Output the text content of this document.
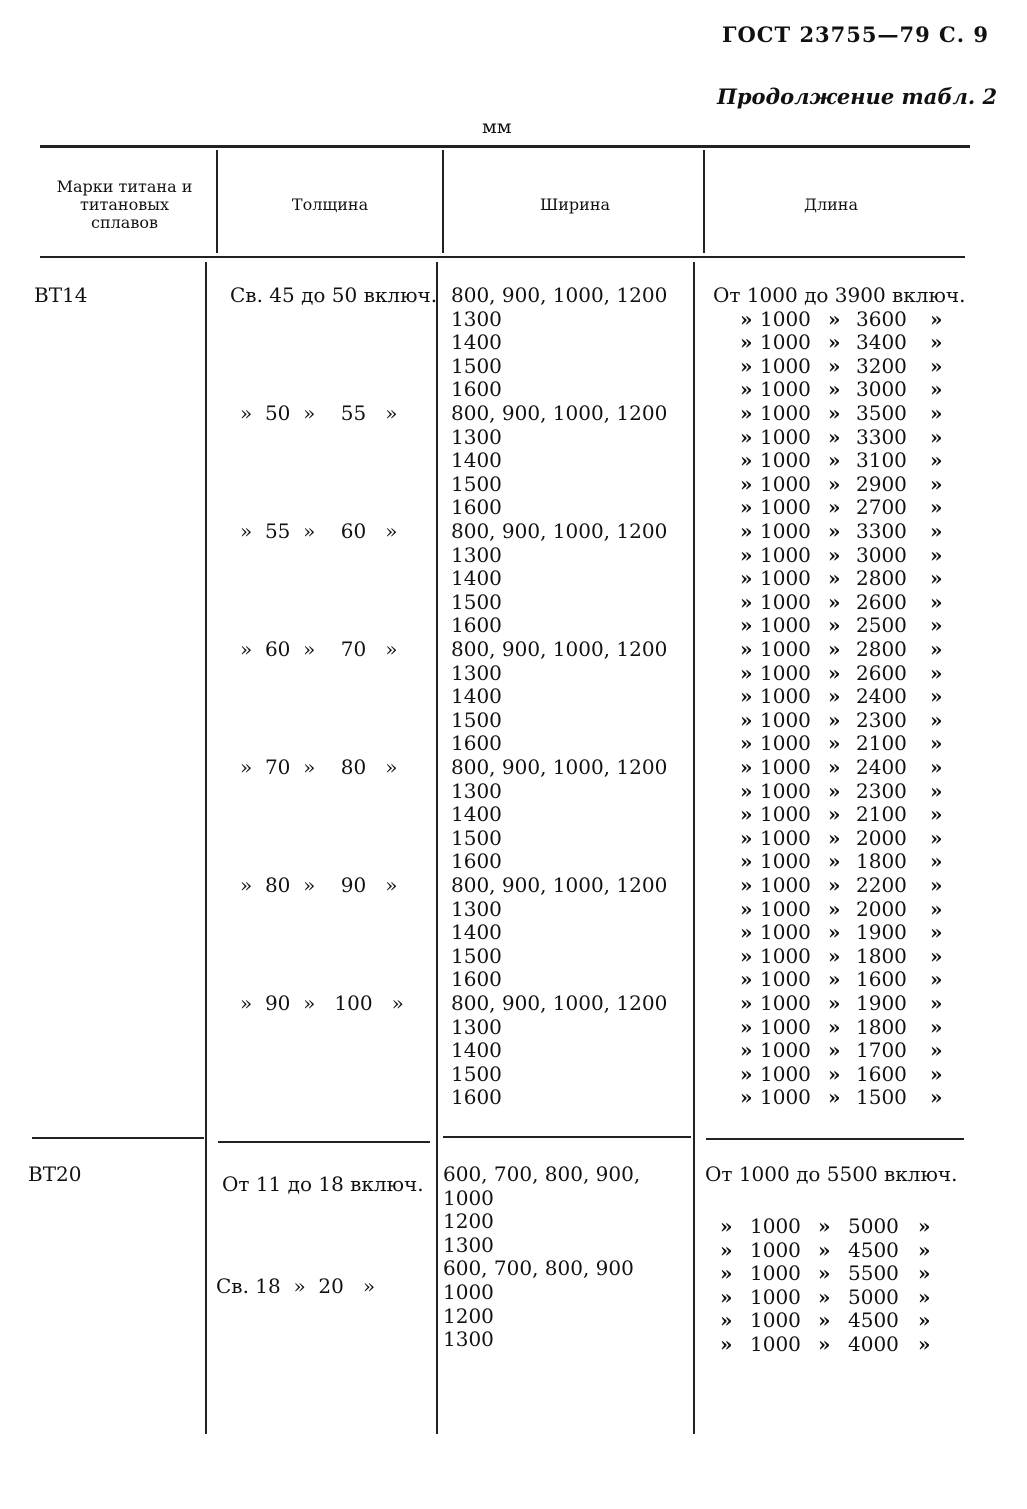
ГОСТ 23755—79 С. 9
Продолжение табл. 2
мм
Марки титана и титановых сплавов
Толщина	Ширина	Длина
ВТ14
ВТ20
Св. 45 до 50 включ.
»  50  »    55   »
»  55  »    60   »
»  60  »    70   »
»  70  »    80   »
»  80  »    90   »
»  90  »   100   »
800, 900, 1000, 1200
1300
1400
1500
1600
800, 900, 1000, 1200
1300
1400
1500
1600
800, 900, 1000, 1200
1300
1400
1500
1600
800, 900, 1000, 1200
1300
1400
1500
1600
800, 900, 1000, 1200
1300
1400
1500
1600
800, 900, 1000, 1200
1300
1400
1500
1600
800, 900, 1000, 1200
1300
1400
1500
1600
От 1000 до 3900 включ.
» 1000 » 3600 »
» 1000 » 3400 »
» 1000 » 3200 »
» 1000 » 3000 »
» 1000 » 3500 »
» 1000 » 3300 »
» 1000 » 3100 »
» 1000 » 2900 »
» 1000 » 2700 »
» 1000 » 3300 »
» 1000 » 3000 »
» 1000 » 2800 »
» 1000 » 2600 »
» 1000 » 2500 »
» 1000 » 2800 »
» 1000 » 2600 »
» 1000 » 2400 »
» 1000 » 2300 »
» 1000 » 2100 »
» 1000 » 2400 »
» 1000 » 2300 »
» 1000 » 2100 »
» 1000 » 2000 »
» 1000 » 1800 »
» 1000 » 2200 »
» 1000 » 2000 »
» 1000 » 1900 »
» 1000 » 1800 »
» 1000 » 1600 »
» 1000 » 1900 »
» 1000 » 1800 »
» 1000 » 1700 »
» 1000 » 1600 »
» 1000 » 1500 »
От 11 до 18 включ.
Св. 18  »  20   »
600, 700, 800, 900,
1000
1200
1300
600, 700, 800, 900
1000
1200
1300
От 1000 до 5500 включ.
» 1000 » 5000 »
» 1000 » 4500 »
» 1000 » 5500 »
» 1000 » 5000 »
» 1000 » 4500 »
» 1000 » 4000 »
